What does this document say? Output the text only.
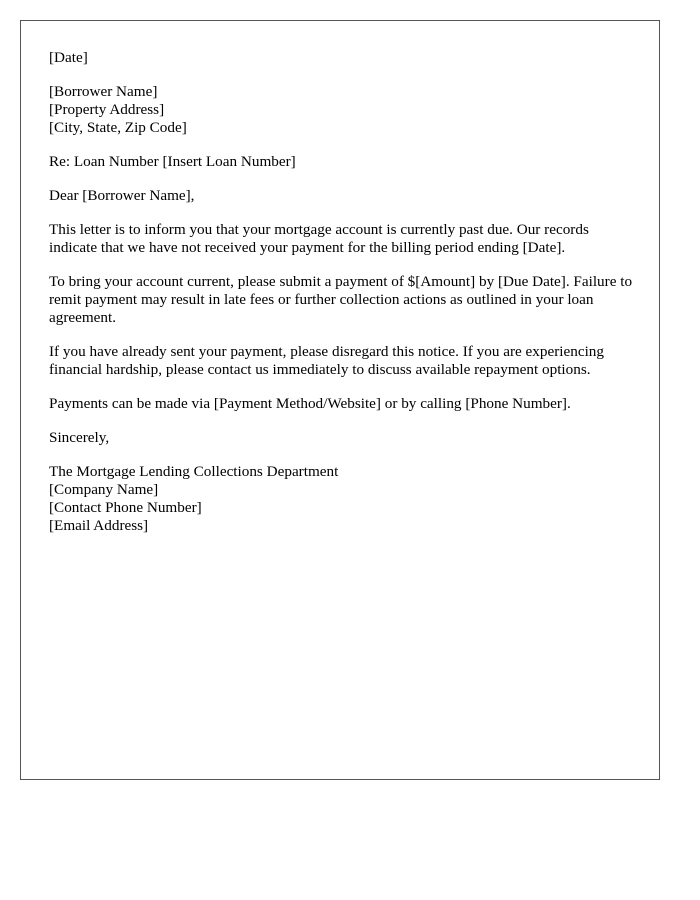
[Date]
[Borrower Name]
[Property Address]
[City, State, Zip Code]

Re: Loan Number [Insert Loan Number]

Dear [Borrower Name],

This letter is to inform you that your mortgage account is currently past due. Our records indicate that we have not received your payment for the billing period ending [Date].

To bring your account current, please submit a payment of $[Amount] by [Due Date]. Failure to remit payment may result in late fees or further collection actions as outlined in your loan agreement.

If you have already sent your payment, please disregard this notice. If you are experiencing financial hardship, please contact us immediately to discuss available repayment options.

Payments can be made via [Payment Method/Website] or by calling [Phone Number].

Sincerely,

The Mortgage Lending Collections Department
[Company Name]
[Contact Phone Number]
[Email Address]
